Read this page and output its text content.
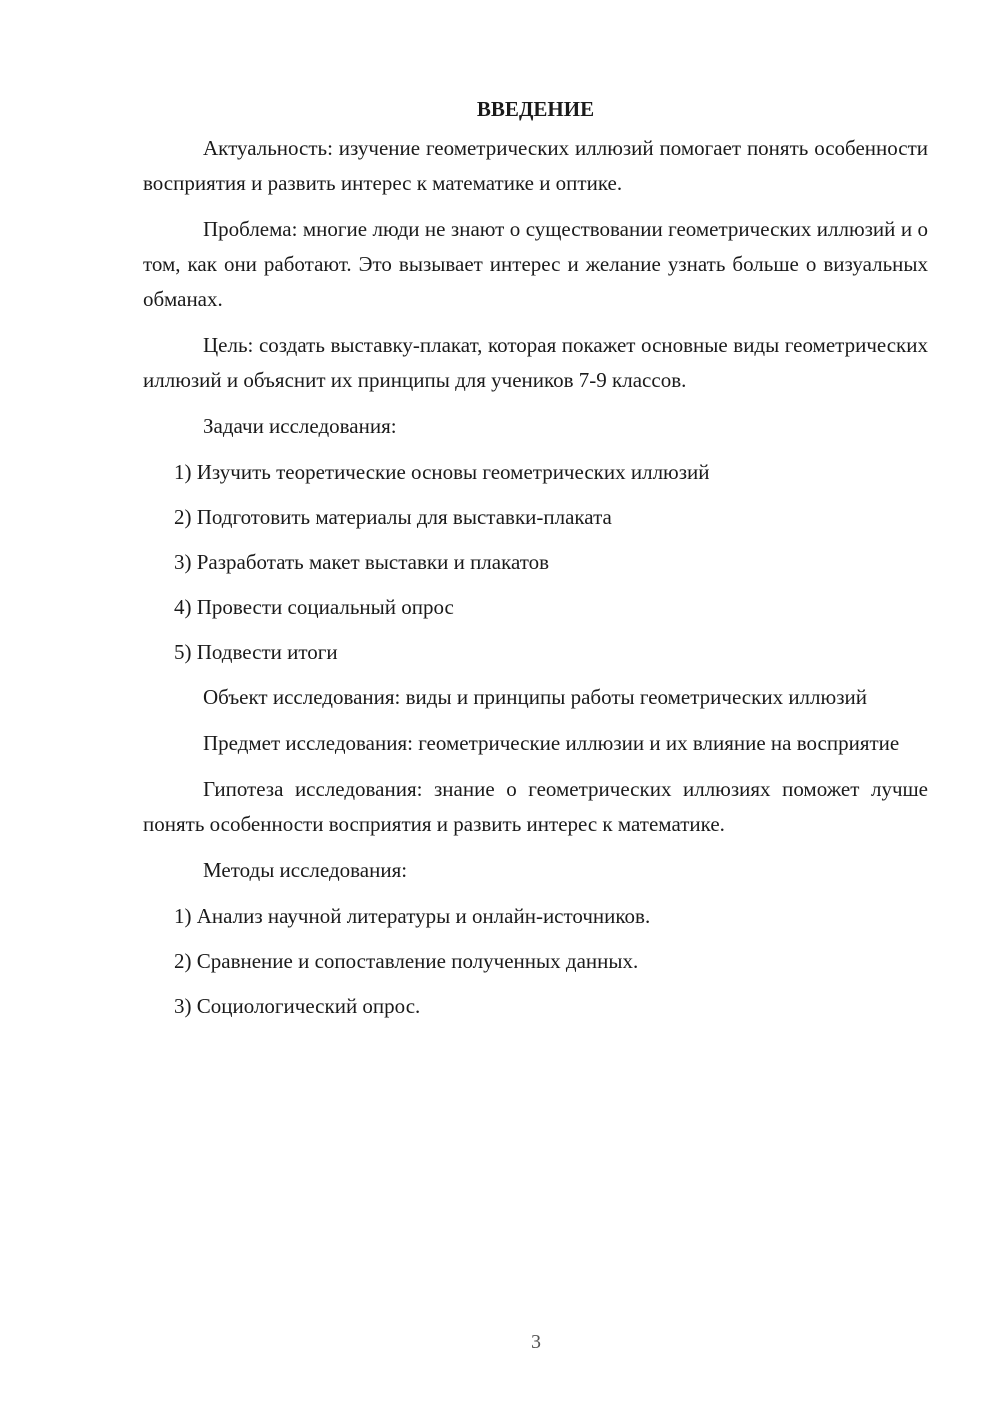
ВВЕДЕНИЕ

Актуальность: изучение геометрических иллюзий помогает понять особенности восприятия и развить интерес к математике и оптике.

Проблема: многие люди не знают о существовании геометрических иллюзий и о том, как они работают. Это вызывает интерес и желание узнать больше о визуальных обманах.

Цель: создать выставку-плакат, которая покажет основные виды геометрических иллюзий и объяснит их принципы для учеников 7-9 классов.

Задачи исследования:

1) Изучить теоретические основы геометрических иллюзий
2) Подготовить материалы для выставки-плаката
3) Разработать макет выставки и плакатов
4) Провести социальный опрос
5) Подвести итоги

Объект исследования: виды и принципы работы геометрических иллюзий

Предмет исследования: геометрические иллюзии и их влияние на восприятие

Гипотеза исследования: знание о геометрических иллюзиях поможет лучше понять особенности восприятия и развить интерес к математике.

Методы исследования:

1) Анализ научной литературы и онлайн-источников.
2) Сравнение и сопоставление полученных данных.
3) Социологический опрос.
3
